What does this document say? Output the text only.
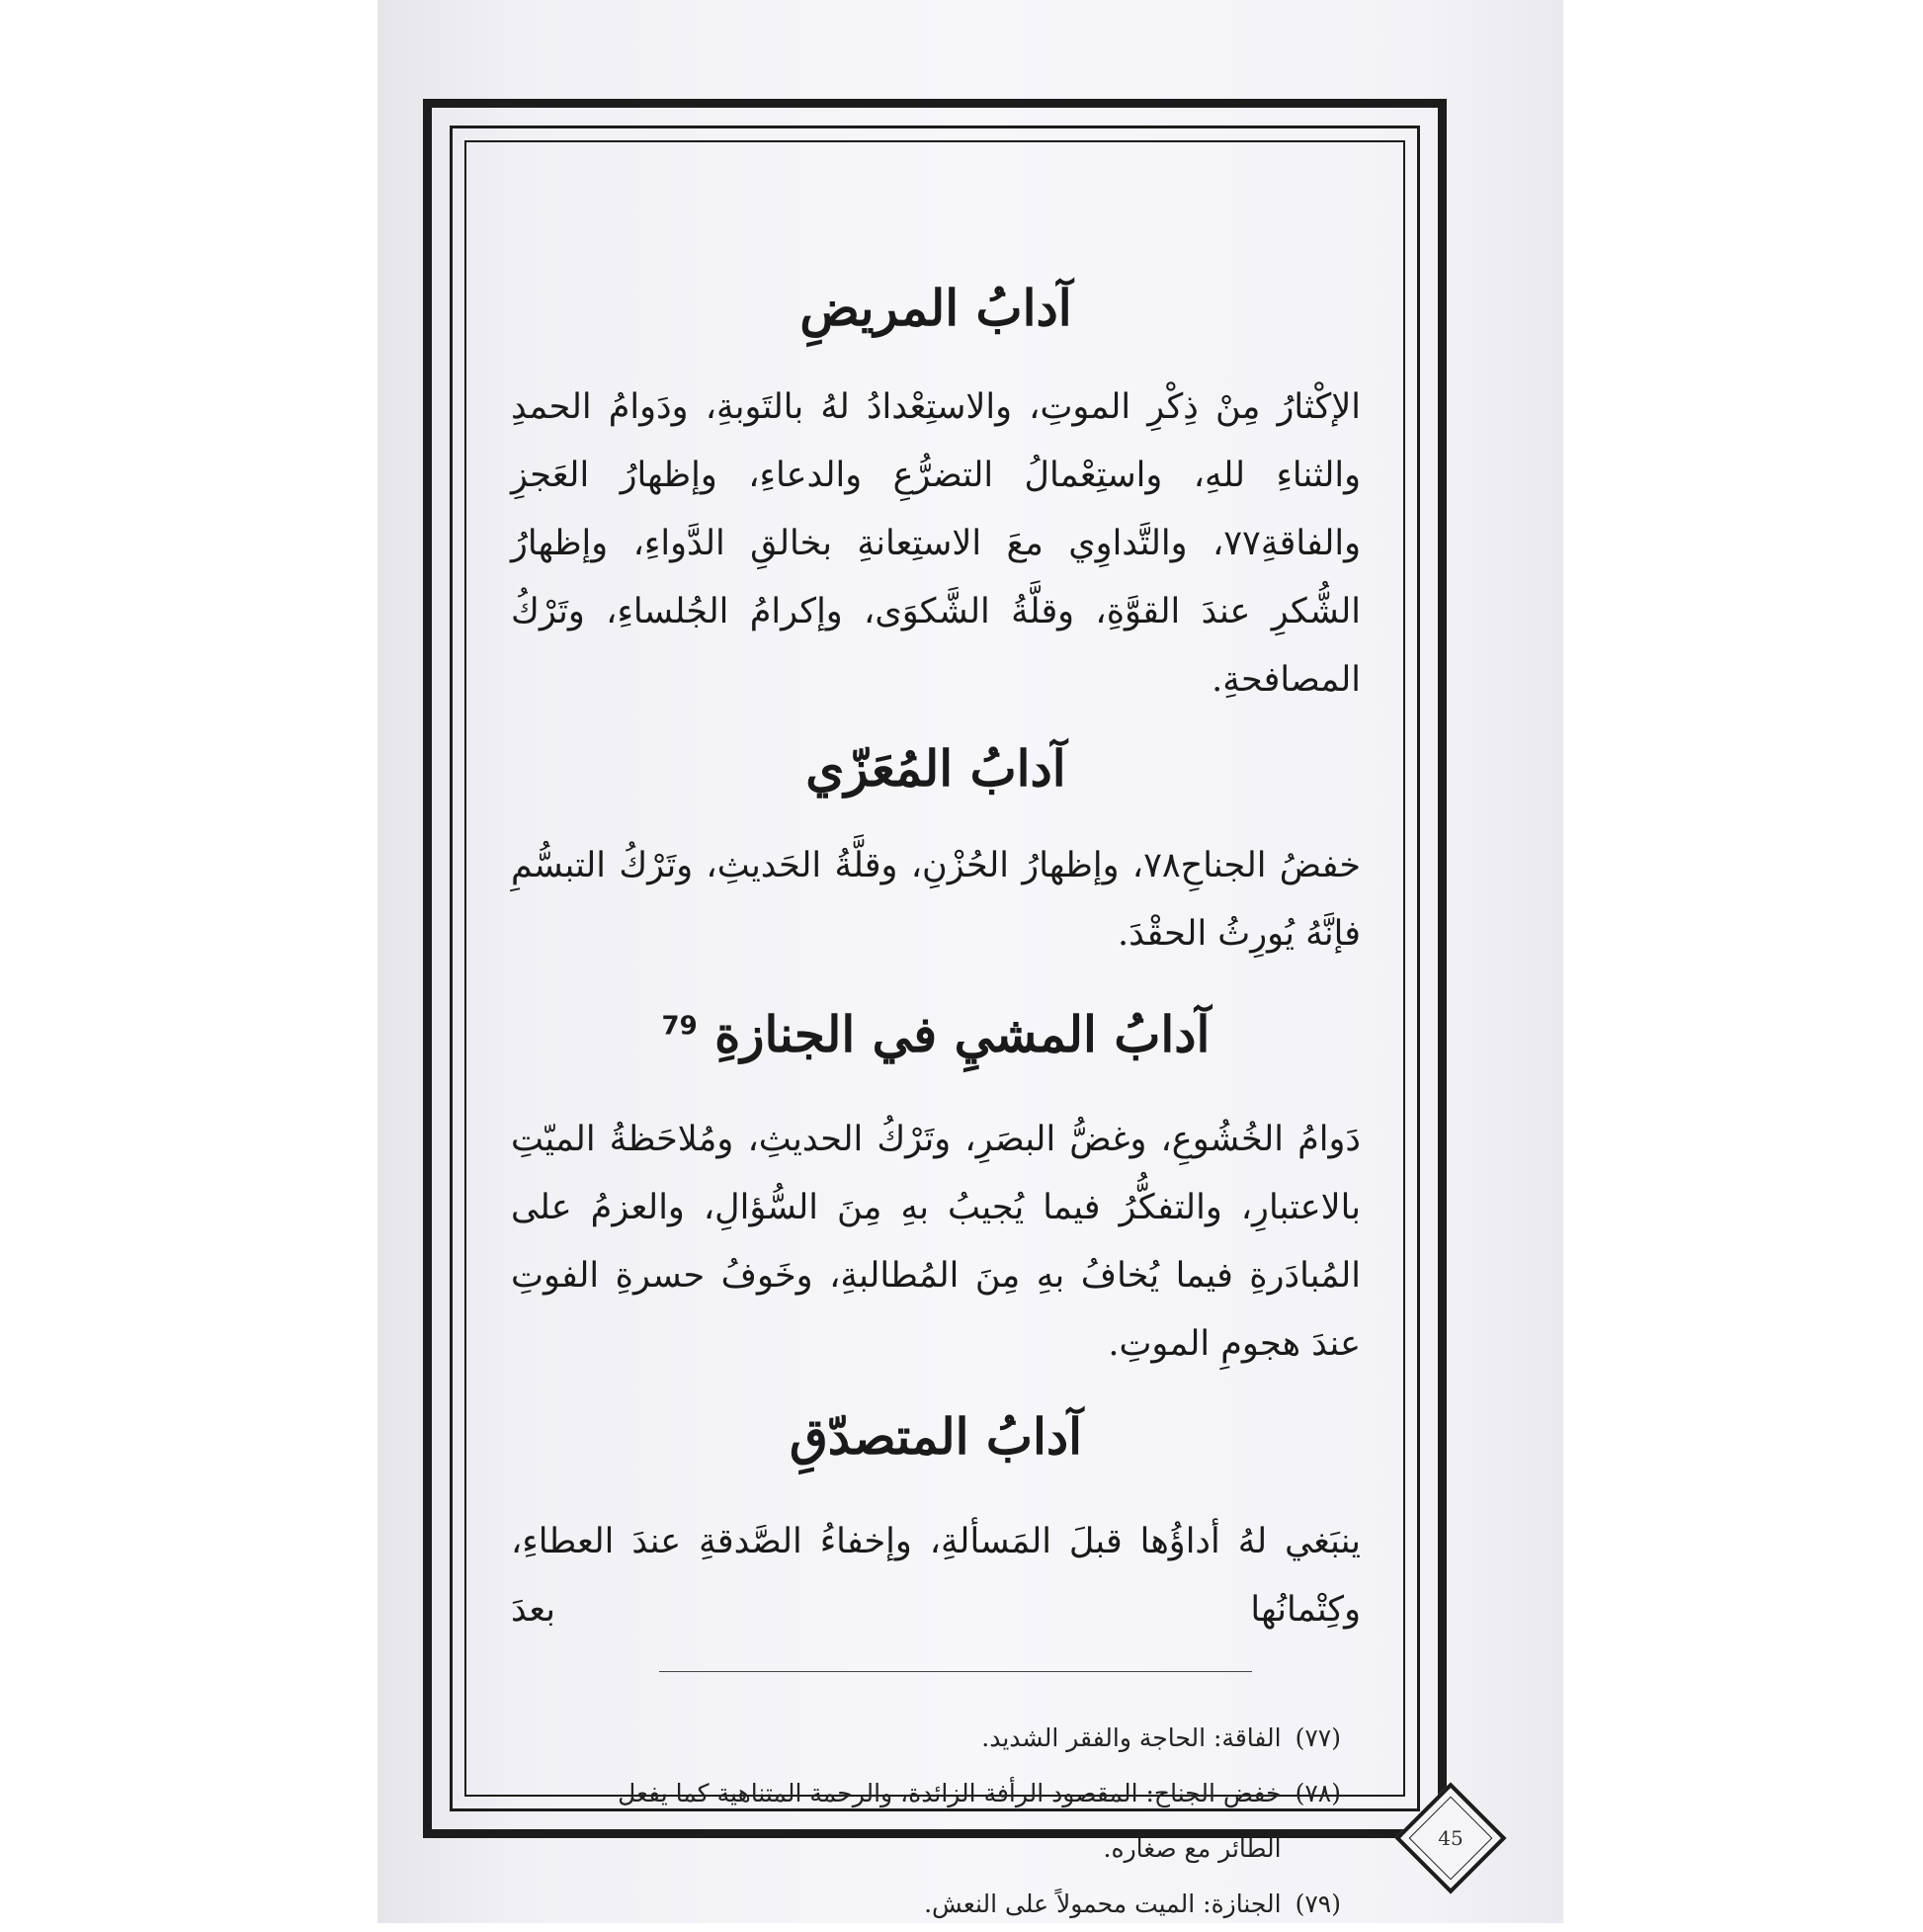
آدابُ المريضِ

الإكْثارُ مِنْ ذِكْرِ الموتِ، والاستِعْدادُ لهُ بالتَوبةِ، ودَوامُ الحمدِ والثناءِ للهِ، واستِعْمالُ التضرُّعِ والدعاءِ، وإظهارُ العَجزِ والفاقةِ٧٧، والتَّداوِي معَ الاستِعانةِ بخالقِ الدَّواءِ، وإظهارُ الشُّكرِ عندَ القوَّةِ، وقلَّةُ الشَّكوَى، وإكرامُ الجُلساءِ، وتَرْكُ المصافحةِ.

آدابُ المُعَزّي

خفضُ الجناحِ٧٨، وإظهارُ الحُزْنِ، وقلَّةُ الحَديثِ، وتَرْكُ التبسُّمِ فإنَّهُ يُورِثُ الحقْدَ.

آدابُ المشيِ في الجنازةِ $^{79}$

دَوامُ الخُشُوعِ، وغضُّ البصَرِ، وتَرْكُ الحديثِ، ومُلاحَظةُ الميّتِ بالاعتبارِ، والتفكُّرُ فيما يُجيبُ بهِ مِنَ السُّؤالِ، والعزمُ على المُبادَرةِ فيما يُخافُ بهِ مِنَ المُطالبةِ، وخَوفُ حسرةِ الفوتِ عندَ هجومِ الموتِ.

آدابُ المتصدّقِ

ينبَغي لهُ أداؤُها قبلَ المَسألةِ، وإخفاءُ الصَّدقةِ عندَ العطاءِ، وكِتْمانُها بعدَ

(٧٧)
الفاقة: الحاجة والفقر الشديد.
(٧٨)
خفض الجناح: المقصود الرأفة الزائدة، والرحمة المتناهية كما يفعل الطائر مع صغاره.
(٧٩)
الجنازة: الميت محمولاً على النعش.
45
